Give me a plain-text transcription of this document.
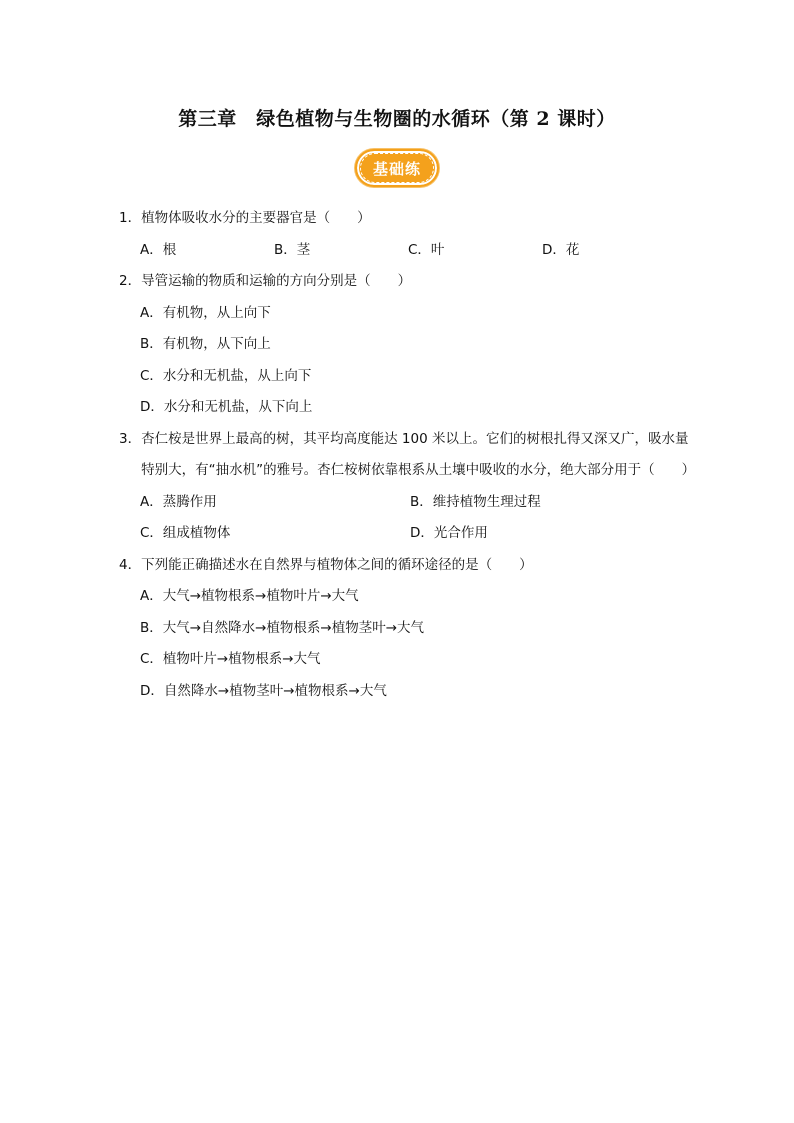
第三章　绿色植物与生物圈的水循环（第 2 课时）
基础练
1． 植物体吸收水分的主要器官是（　　）
A．根	B．茎	C．叶	D．花
2． 导管运输的物质和运输的方向分别是（　　）
A．有机物，从上向下
B．有机物，从下向上
C．水分和无机盐，从上向下
D．水分和无机盐，从下向上
3． 杏仁桉是世界上最高的树，其平均高度能达 100 米以上。它们的树根扎得又深又广，吸水量特别大，有“抽水机”的雅号。杏仁桉树依靠根系从土壤中吸收的水分，绝大部分用于（　　）
A．蒸腾作用	B．维持植物生理过程
C．组成植物体	D．光合作用
4． 下列能正确描述水在自然界与植物体之间的循环途径的是（　　）
A．大气→植物根系→植物叶片→大气
B．大气→自然降水→植物根系→植物茎叶→大气
C．植物叶片→植物根系→大气
D．自然降水→植物茎叶→植物根系→大气
